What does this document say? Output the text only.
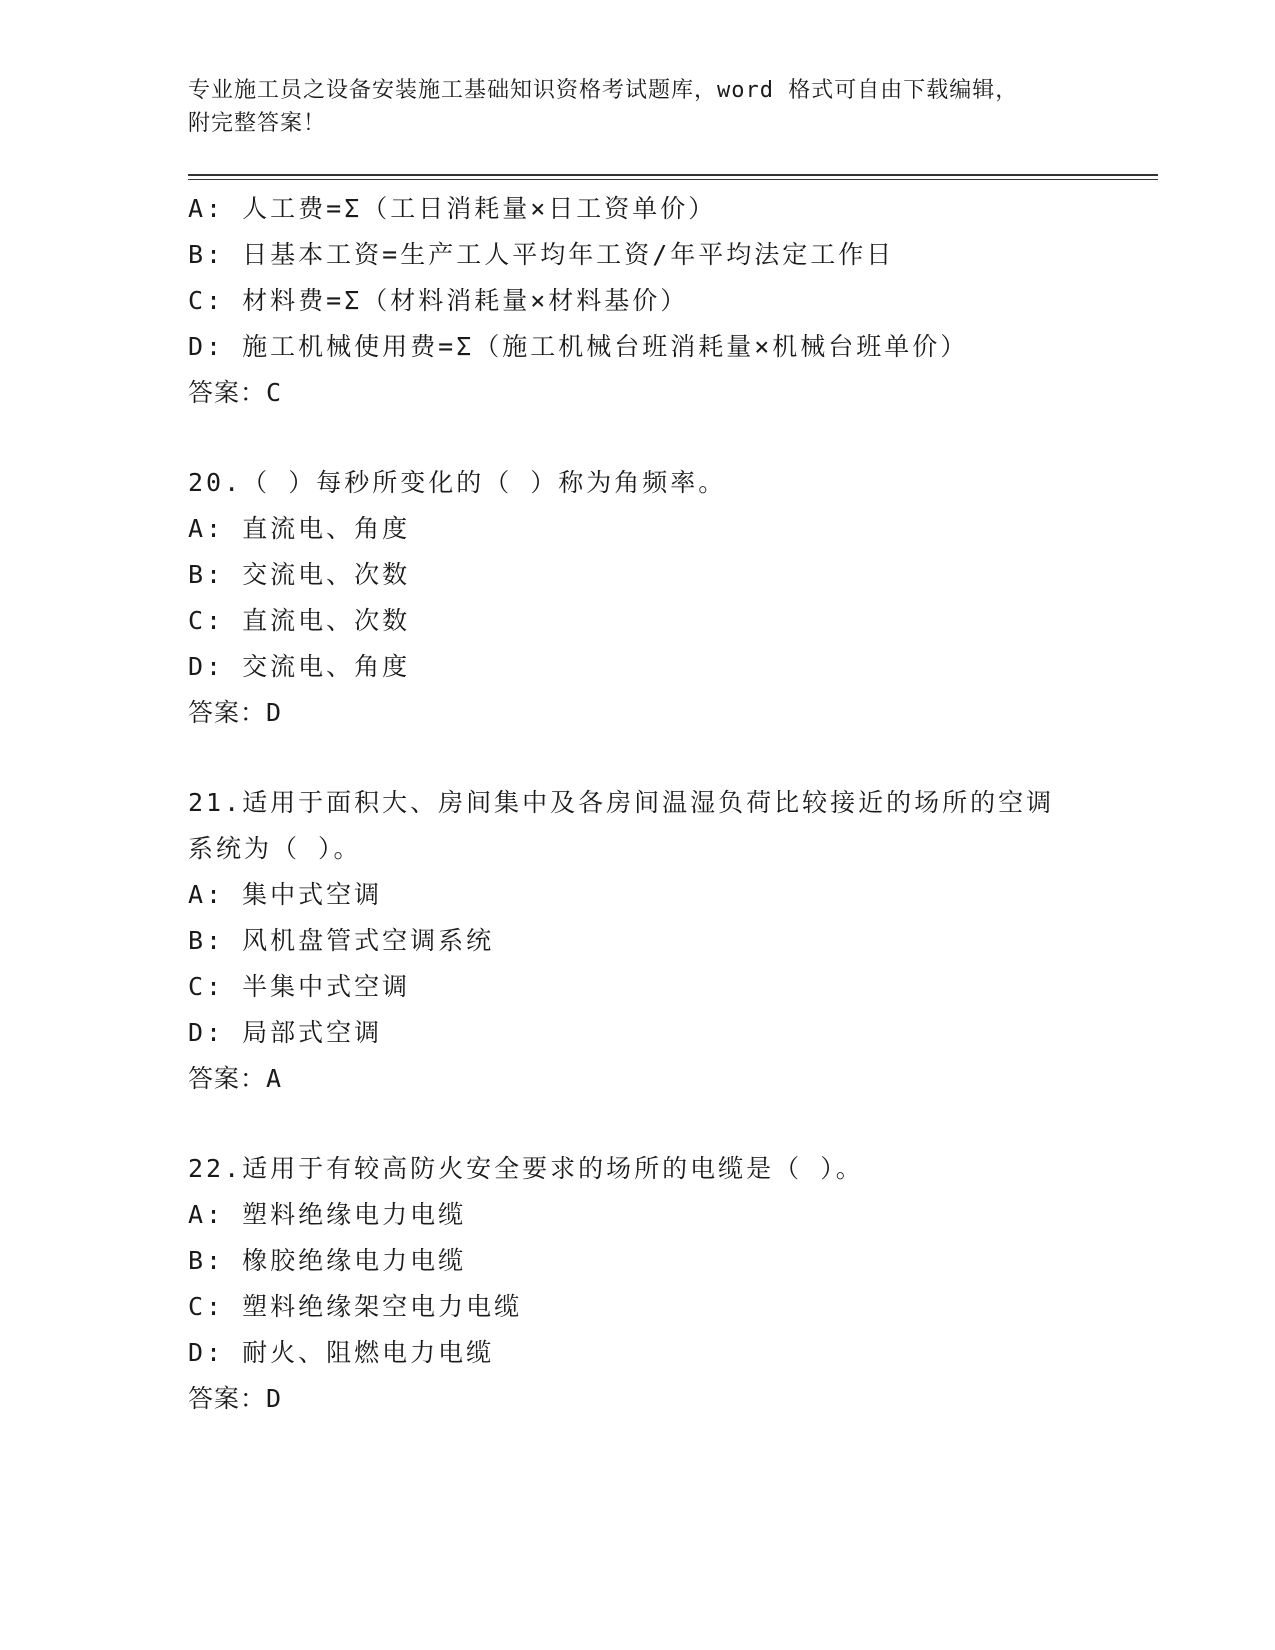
专业施工员之设备安装施工基础知识资格考试题库，word 格式可自由下载编辑，
附完整答案！
A: 人工费=Σ（工日消耗量×日工资单价）
B: 日基本工资=生产工人平均年工资/年平均法定工作日
C: 材料费=Σ（材料消耗量×材料基价）
D: 施工机械使用费=Σ（施工机械台班消耗量×机械台班单价）
答案：C
20.（ ）每秒所变化的（ ）称为角频率。
A: 直流电、角度
B: 交流电、次数
C: 直流电、次数
D: 交流电、角度
答案：D
21.适用于面积大、房间集中及各房间温湿负荷比较接近的场所的空调
系统为（ ）。
A: 集中式空调
B: 风机盘管式空调系统
C: 半集中式空调
D: 局部式空调
答案：A
22.适用于有较高防火安全要求的场所的电缆是（ ）。
A: 塑料绝缘电力电缆
B: 橡胶绝缘电力电缆
C: 塑料绝缘架空电力电缆
D: 耐火、阻燃电力电缆
答案：D
